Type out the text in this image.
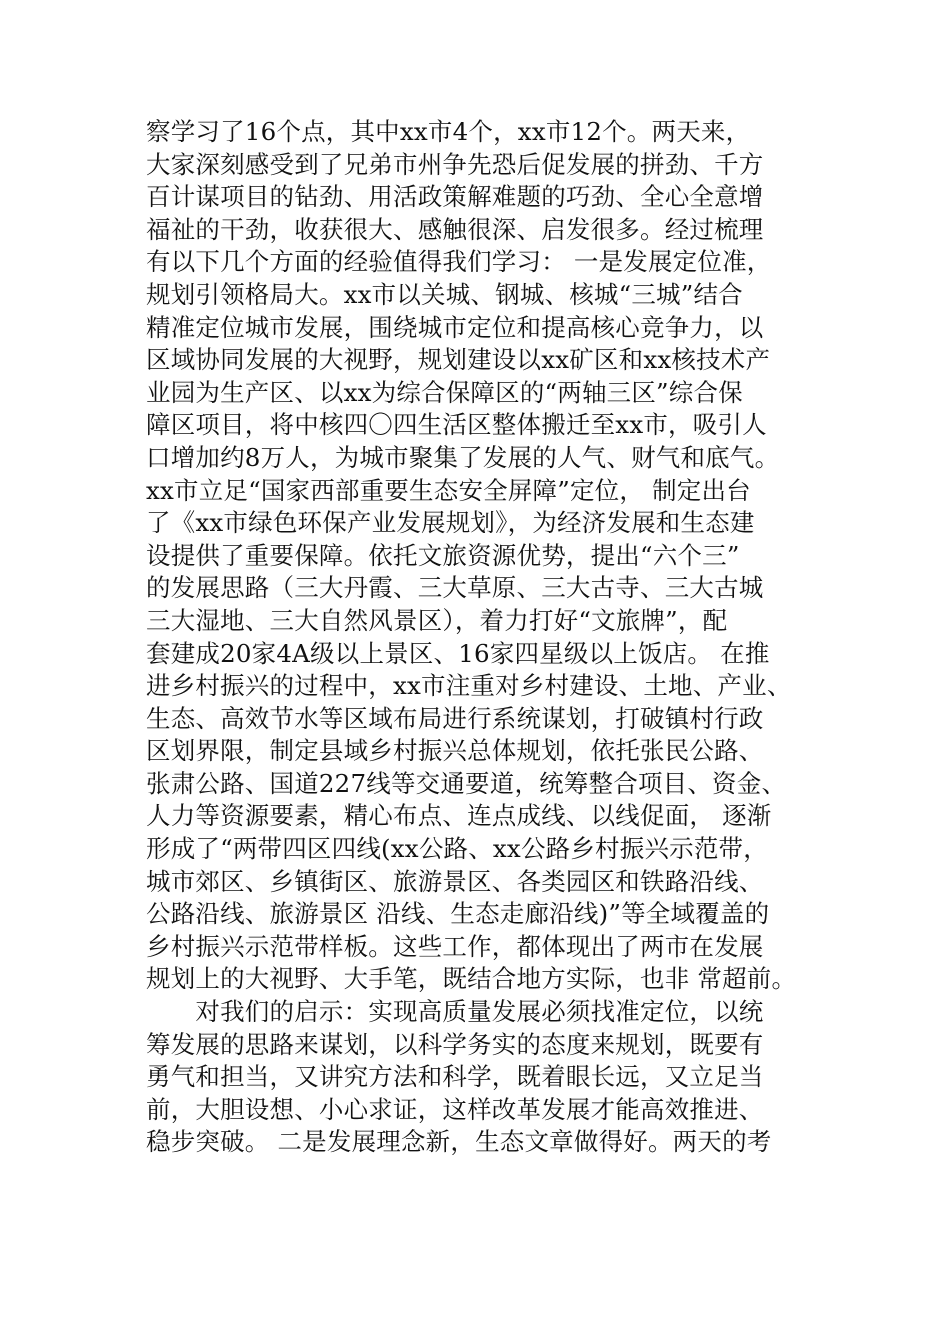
察学习了16个点，其中xx市4个，xx市12个。两天来，
大家深刻感受到了兄弟市州争先恐后促发展的拼劲、千方
百计谋项目的钻劲、用活政策解难题的巧劲、全心全意增
福祉的干劲，收获很大、感触很深、启发很多。经过梳理
有以下几个方面的经验值得我们学习： 一是发展定位准，
规划引领格局大。xx市以关城、钢城、核城“三城”结合
精准定位城市发展，围绕城市定位和提高核心竞争力，以
区域协同发展的大视野，规划建设以xx矿区和xx核技术产
业园为生产区、以xx为综合保障区的“两轴三区”综合保
障区项目，将中核四〇四生活区整体搬迁至xx市，吸引人
口增加约8万人，为城市聚集了发展的人气、财气和底气。
xx市立足“国家西部重要生态安全屏障”定位， 制定出台
了《xx市绿色环保产业发展规划》，为经济发展和生态建
设提供了重要保障。依托文旅资源优势，提出“六个三”
的发展思路（三大丹霞、三大草原、三大古寺、三大古城
三大湿地、三大自然风景区），着力打好“文旅牌”，配
套建成20家4A级以上景区、16家四星级以上饭店。 在推
进乡村振兴的过程中，xx市注重对乡村建设、土地、产业、
生态、高效节水等区域布局进行系统谋划，打破镇村行政
区划界限，制定县域乡村振兴总体规划，依托张民公路、
张肃公路、国道227线等交通要道，统筹整合项目、资金、
人力等资源要素，精心布点、连点成线、以线促面， 逐渐
形成了“两带四区四线(xx公路、xx公路乡村振兴示范带，
城市郊区、乡镇街区、旅游景区、各类园区和铁路沿线、
公路沿线、旅游景区 沿线、生态走廊沿线)”等全域覆盖的
乡村振兴示范带样板。这些工作，都体现出了两市在发展
规划上的大视野、大手笔，既结合地方实际，也非 常超前。
　　对我们的启示：实现高质量发展必须找准定位，以统
筹发展的思路来谋划，以科学务实的态度来规划，既要有
勇气和担当，又讲究方法和科学，既着眼长远，又立足当
前，大胆设想、小心求证，这样改革发展才能高效推进、
稳步突破。 二是发展理念新，生态文章做得好。两天的考
